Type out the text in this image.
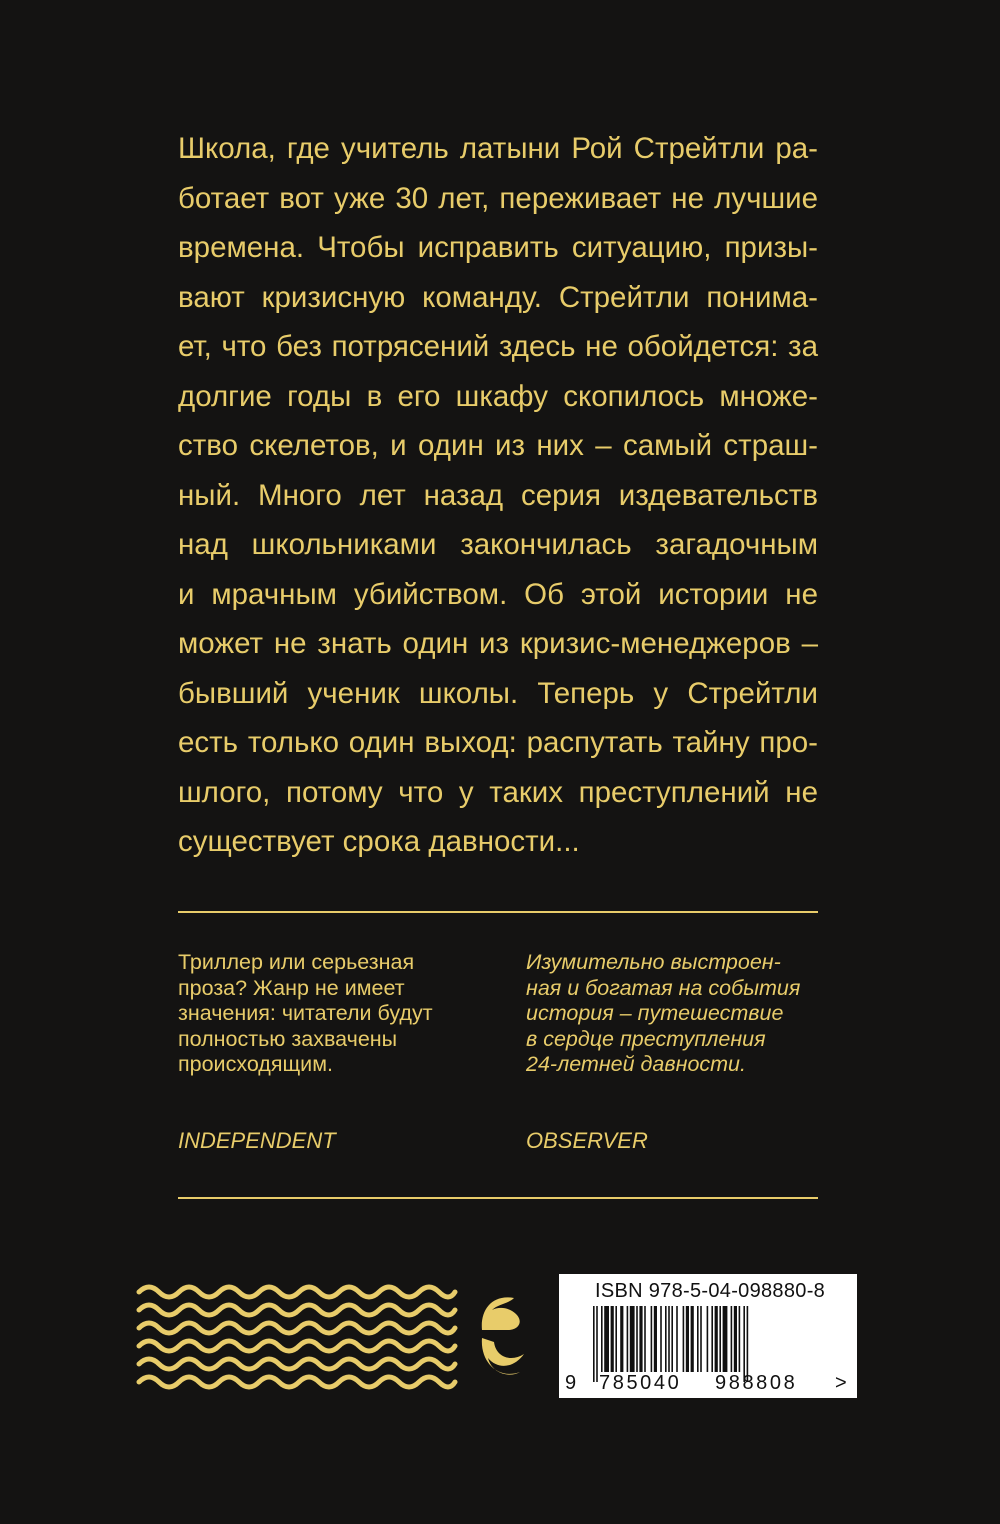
Школа, где учитель латыни Рой Стрейтли ра-
ботает вот уже 30 лет, переживает не лучшие
времена. Чтобы исправить ситуацию, призы-
вают кризисную команду. Стрейтли понима-
ет, что без потрясений здесь не обойдется: за
долгие годы в его шкафу скопилось множе-
ство скелетов, и один из них – самый страш-
ный. Много лет назад серия издевательств
над школьниками закончилась загадочным
и мрачным убийством. Об этой истории не
может не знать один из кризис-менеджеров –
бывший ученик школы. Теперь у Стрейтли
есть только один выход: распутать тайну про-
шлого, потому что у таких преступлений не
существует срока давности...
Триллер или серьезная
проза? Жанр не имеет
значения: читатели будут
полностью захвачены
происходящим.
INDEPENDENT
Изумительно выстроен-
ная и богатая на события
история – путешествие
в сердце преступления
24-летней давности.
OBSERVER
ISBN 978-5-04-098880-8
9 785040 988808 >
